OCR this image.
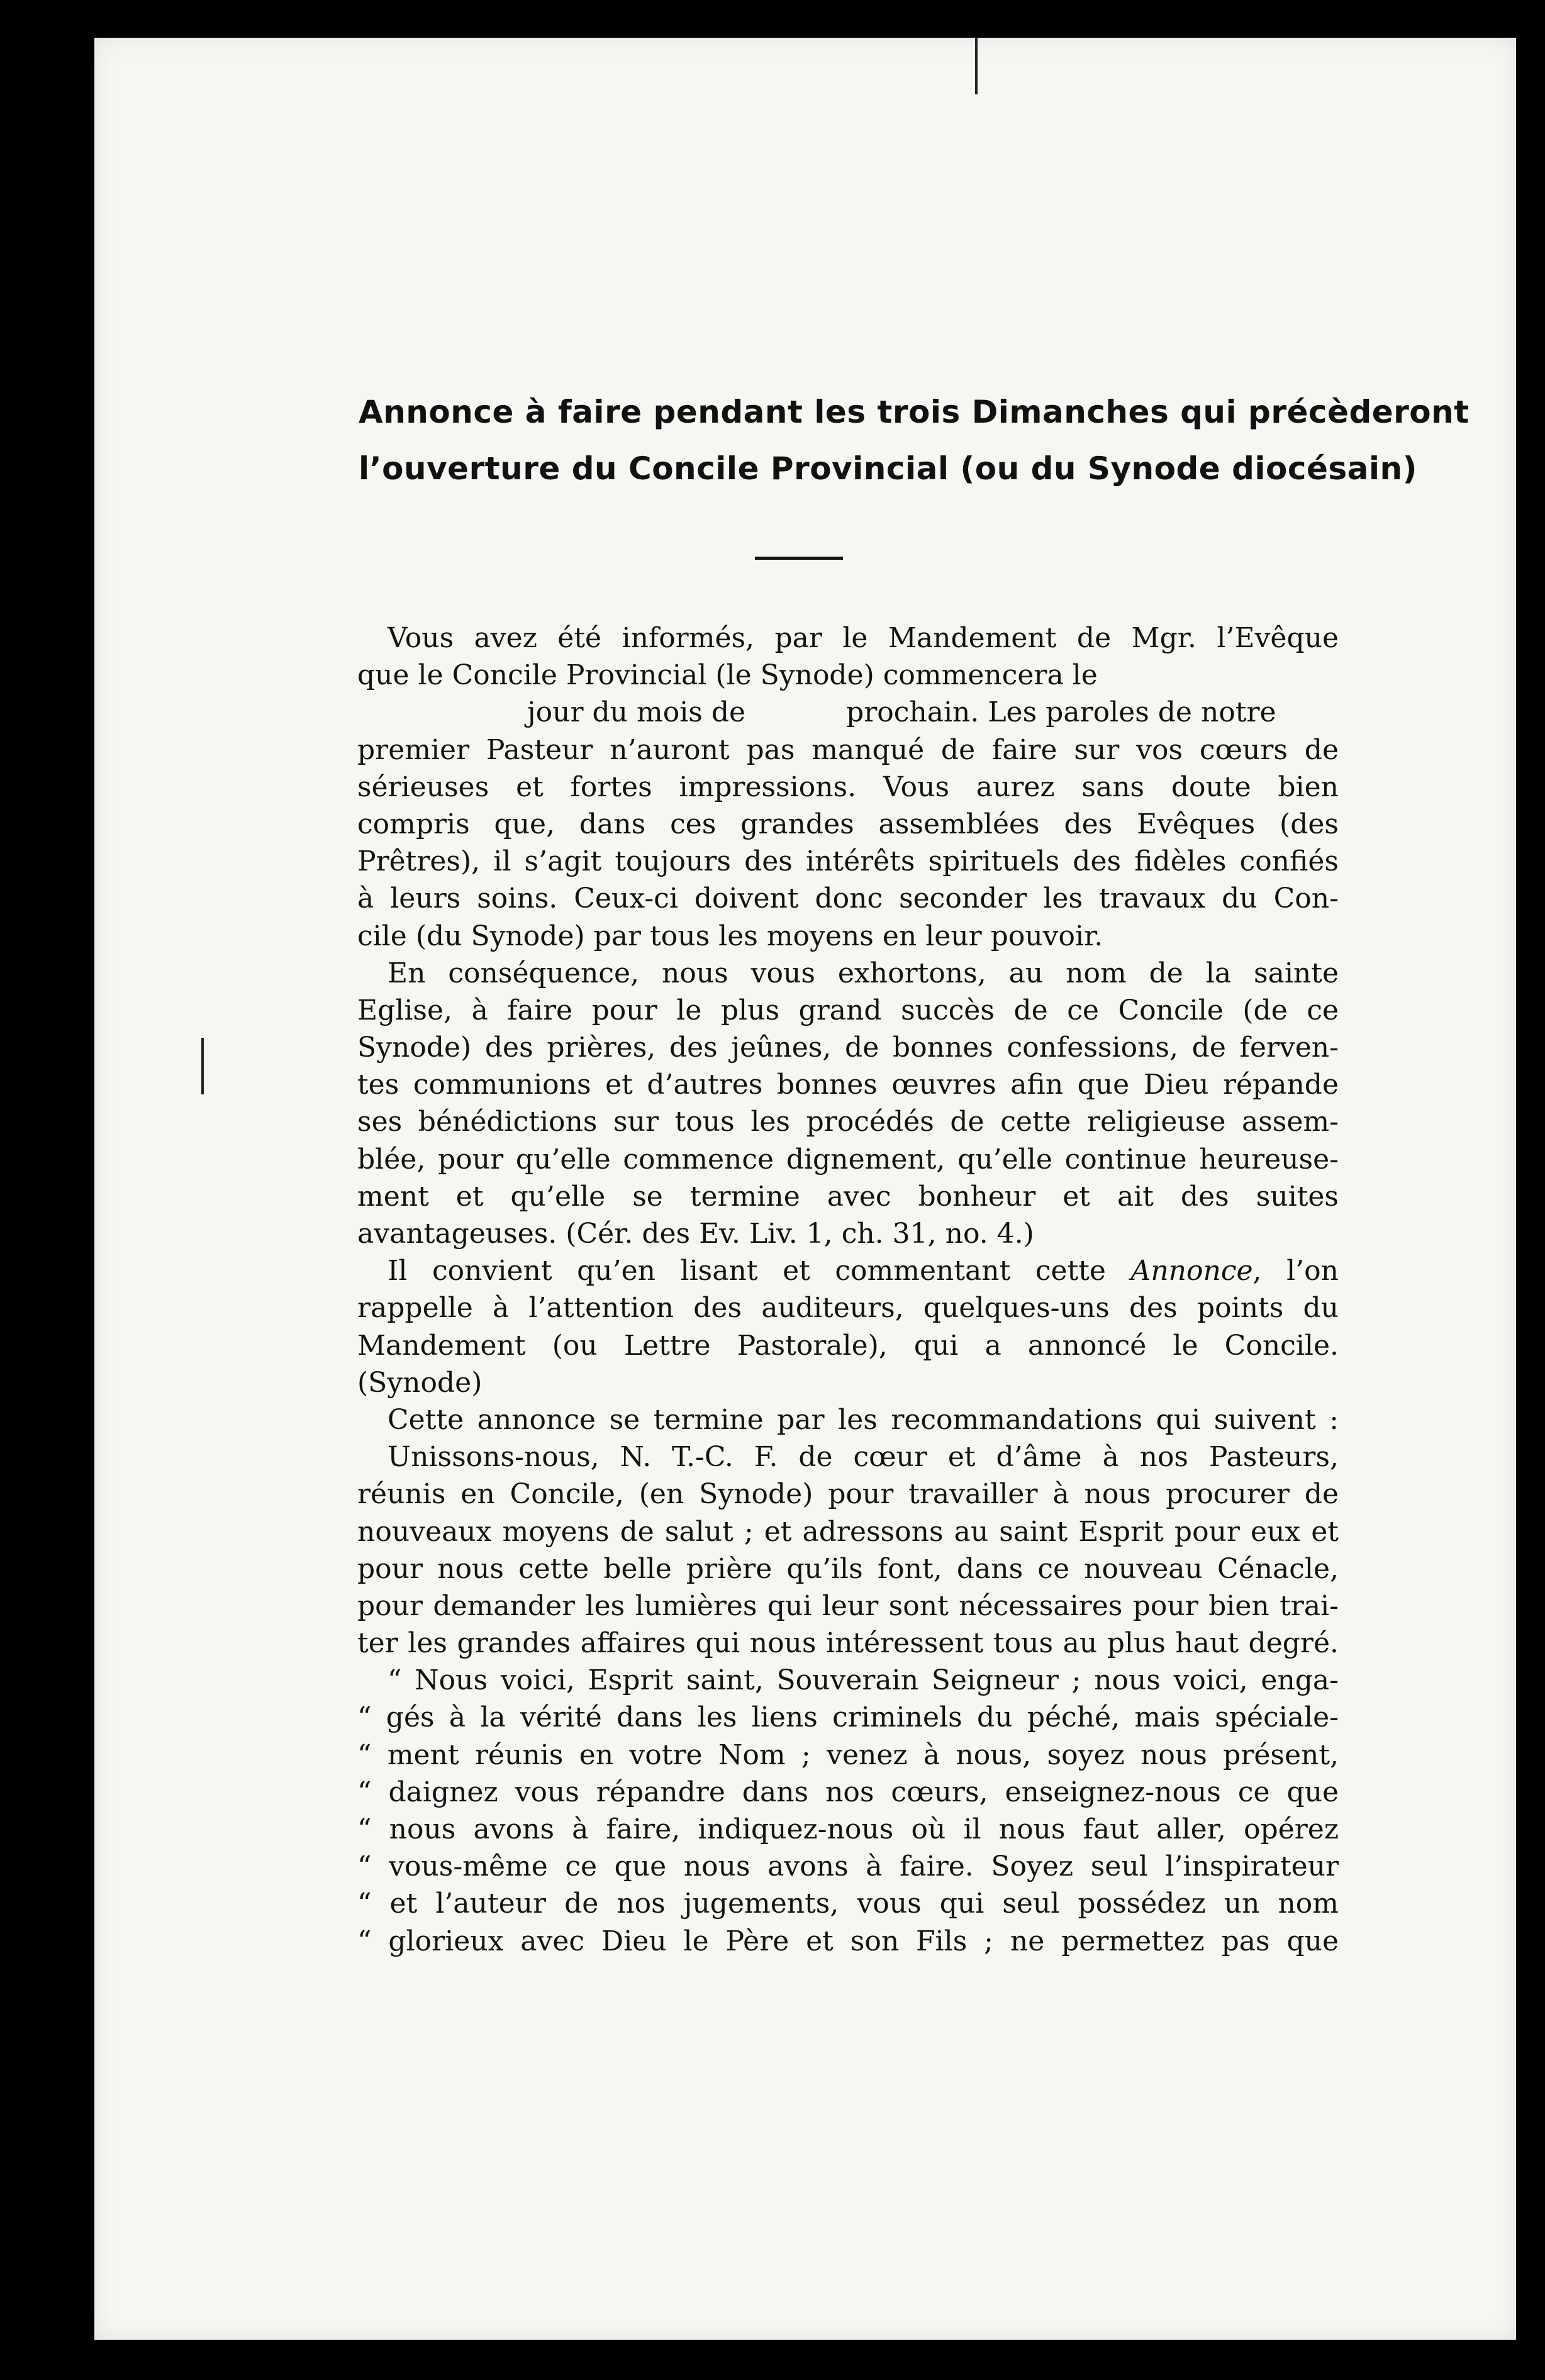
Annonce à faire pendant les trois Dimanches qui précèderont
l’ouverture du Concile Provincial (ou du Synode diocésain)
Vous avez été informés, par le Mandement de Mgr. l’Evêque
que le Concile Provincial (le Synode) commencera le
jour du mois de	prochain. Les paroles de notre
premier Pasteur n’auront pas manqué de faire sur vos cœurs de
sérieuses et fortes impressions. Vous aurez sans doute bien
compris que, dans ces grandes assemblées des Evêques (des
Prêtres), il s’agit toujours des intérêts spirituels des fidèles confiés
à leurs soins. Ceux-ci doivent donc seconder les travaux du Con-
cile (du Synode) par tous les moyens en leur pouvoir.
En conséquence, nous vous exhortons, au nom de la sainte
Eglise, à faire pour le plus grand succès de ce Concile (de ce
Synode) des prières, des jeûnes, de bonnes confessions, de ferven-
tes communions et d’autres bonnes œuvres afin que Dieu répande
ses bénédictions sur tous les procédés de cette religieuse assem-
blée, pour qu’elle commence dignement, qu’elle continue heureuse-
ment et qu’elle se termine avec bonheur et ait des suites
avantageuses. (Cér. des Ev. Liv. 1, ch. 31, no. 4.)
Il convient qu’en lisant et commentant cette Annonce, l’on
rappelle à l’attention des auditeurs, quelques-uns des points du
Mandement (ou Lettre Pastorale), qui a annoncé le Concile.
(Synode)
Cette annonce se termine par les recommandations qui suivent :
Unissons-nous, N. T.-C. F. de cœur et d’âme à nos Pasteurs,
réunis en Concile, (en Synode) pour travailler à nous procurer de
nouveaux moyens de salut ; et adressons au saint Esprit pour eux et
pour nous cette belle prière qu’ils font, dans ce nouveau Cénacle,
pour demander les lumières qui leur sont nécessaires pour bien trai-
ter les grandes affaires qui nous intéressent tous au plus haut degré.
“ Nous voici, Esprit saint, Souverain Seigneur ; nous voici, enga-
“ gés à la vérité dans les liens criminels du péché, mais spéciale-
“ ment réunis en votre Nom ; venez à nous, soyez nous présent,
“ daignez vous répandre dans nos cœurs, enseignez-nous ce que
“ nous avons à faire, indiquez-nous où il nous faut aller, opérez
“ vous-même ce que nous avons à faire. Soyez seul l’inspirateur
“ et l’auteur de nos jugements, vous qui seul possédez un nom
“ glorieux avec Dieu le Père et son Fils ; ne permettez pas que
